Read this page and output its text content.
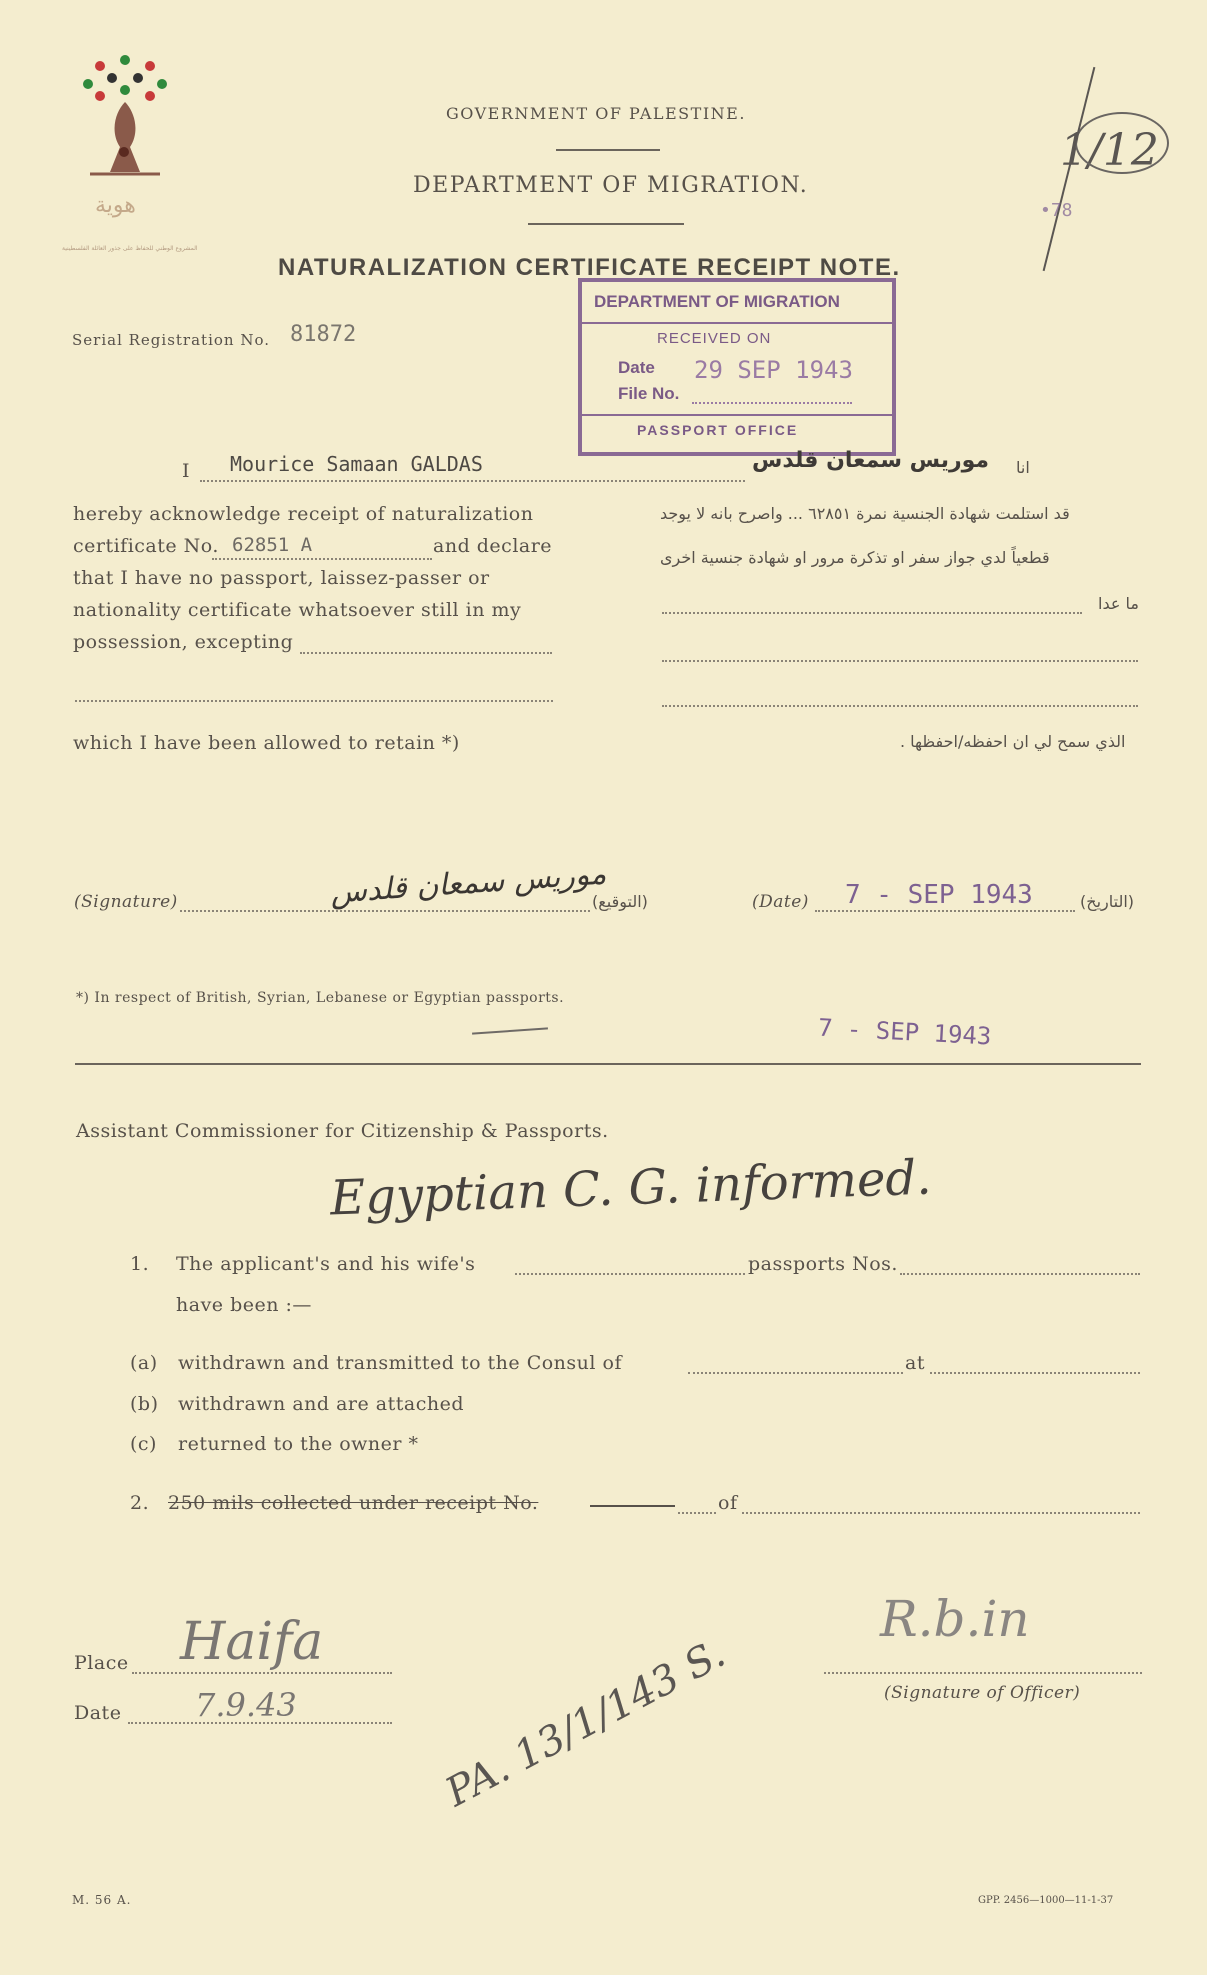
هوية
المشروع الوطني للحفاظ على جذور العائلة الفلسطينية
GOVERNMENT OF PALESTINE.
DEPARTMENT OF MIGRATION.
NATURALIZATION CERTIFICATE RECEIPT NOTE.
1/12
•78
DEPARTMENT OF MIGRATION
RECEIVED ON
Date 29 SEP 1943
File No.
PASSPORT OFFICE
Serial Registration No. 81872
I Mourice Samaan GALDAS	موريس سمعان قلدس انا
hereby acknowledge receipt of naturalization
certificate No. 62851 A	and declare
that I have no passport, laissez-passer or
nationality certificate whatsoever still in my
possession, excepting
which I have been allowed to retain *)
قد استلمت شهادة الجنسية نمرة ٦٢٨٥١ ... واصرح بانه لا يوجد
قطعياً لدي جواز سفر او تذكرة مرور او شهادة جنسية اخرى
ما عدا
الذي سمح لي ان احفظه/احفظها .
(Signature)	موريس سمعان قلدس
(التوقيع)	(Date) 7 - SEP 1943	(التاريخ)
*) In respect of British, Syrian, Lebanese or Egyptian passports.
7 - SEP 1943
Assistant Commissioner for Citizenship & Passports.
Egyptian C. G. informed.
1. The applicant's and his wife's	passports Nos.
have been :—
(a) withdrawn and transmitted to the Consul of	at
(b) withdrawn and are attached
(c) returned to the owner *
2. 250 mils collected under receipt No.	of
Place Haifa
Date 7.9.43
R.b.in
(Signature of Officer)
PA. 13/1/143 S.
M. 56 A.	GPP. 2456—1000—11-1-37
